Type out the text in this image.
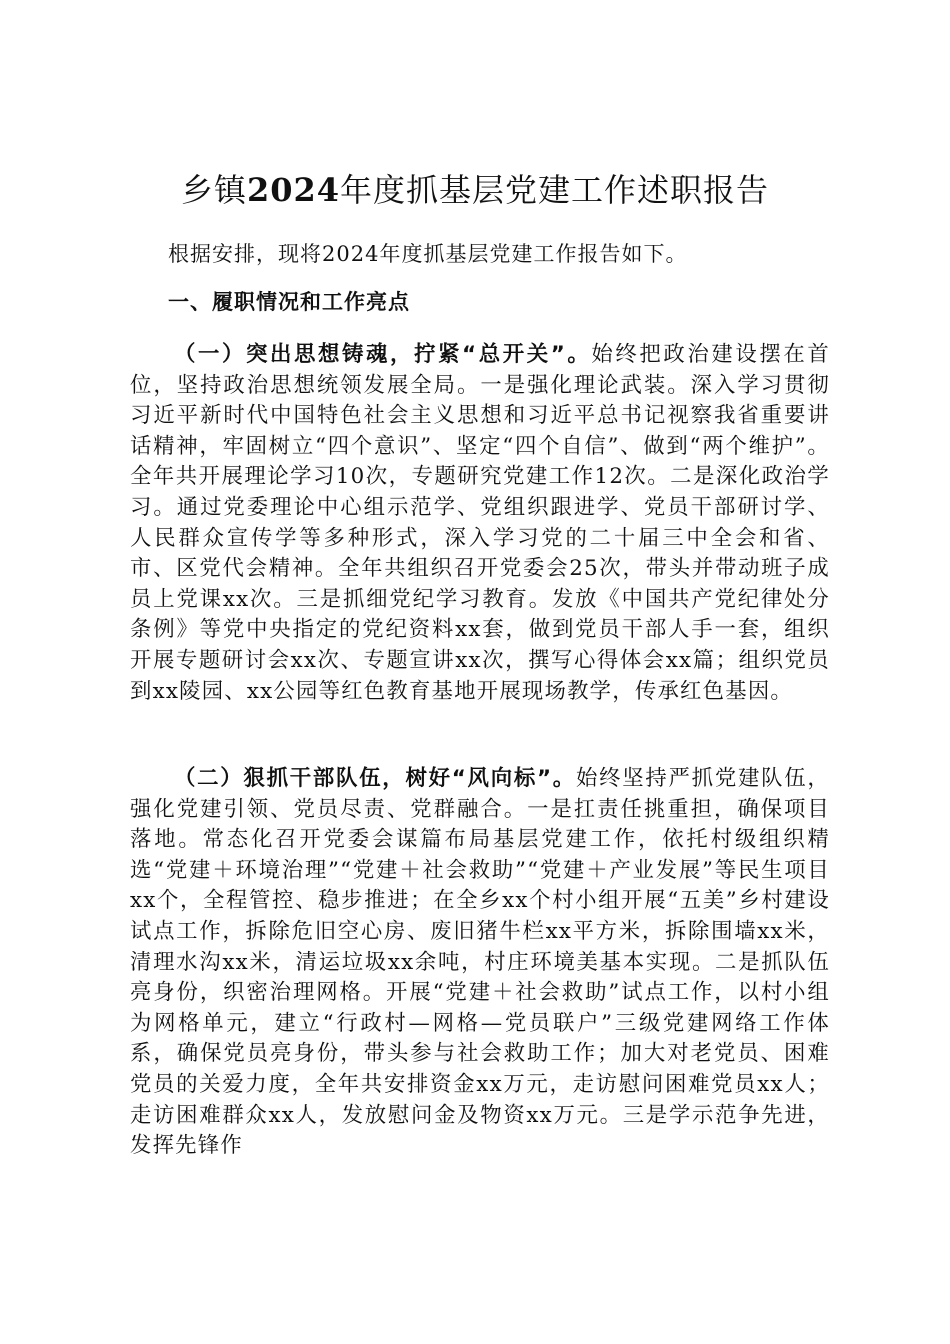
乡镇2024年度抓基层党建工作述职报告

根据安排，现将2024年度抓基层党建工作报告如下。

一、履职情况和工作亮点

（一）突出思想铸魂，拧紧“总开关”。始终把政治建设摆在首位，坚持政治思想统领发展全局。一是强化理论武装。深入学习贯彻习近平新时代中国特色社会主义思想和习近平总书记视察我省重要讲话精神，牢固树立“四个意识”、坚定“四个自信”、做到“两个维护”。全年共开展理论学习10次，专题研究党建工作12次。二是深化政治学习。通过党委理论中心组示范学、党组织跟进学、党员干部研讨学、人民群众宣传学等多种形式，深入学习党的二十届三中全会和省、市、区党代会精神。全年共组织召开党委会25次，带头并带动班子成员上党课xx次。三是抓细党纪学习教育。发放《中国共产党纪律处分条例》等党中央指定的党纪资料xx套，做到党员干部人手一套，组织开展专题研讨会xx次、专题宣讲xx次，撰写心得体会xx篇；组织党员到xx陵园、xx公园等红色教育基地开展现场教学，传承红色基因。

（二）狠抓干部队伍，树好“风向标”。始终坚持严抓党建队伍，强化党建引领、党员尽责、党群融合。一是扛责任挑重担，确保项目落地。常态化召开党委会谋篇布局基层党建工作，依托村级组织精选“党建＋环境治理”“党建＋社会救助”“党建＋产业发展”等民生项目xx个，全程管控、稳步推进；在全乡xx个村小组开展“五美”乡村建设试点工作，拆除危旧空心房、废旧猪牛栏xx平方米，拆除围墙xx米，清理水沟xx米，清运垃圾xx余吨，村庄环境美基本实现。二是抓队伍亮身份，织密治理网格。开展“党建＋社会救助”试点工作，以村小组为网格单元，建立“行政村—网格—党员联户”三级党建网络工作体系，确保党员亮身份，带头参与社会救助工作；加大对老党员、困难党员的关爱力度，全年共安排资金xx万元，走访慰问困难党员xx人；走访困难群众xx人，发放慰问金及物资xx万元。三是学示范争先进，发挥先锋作
